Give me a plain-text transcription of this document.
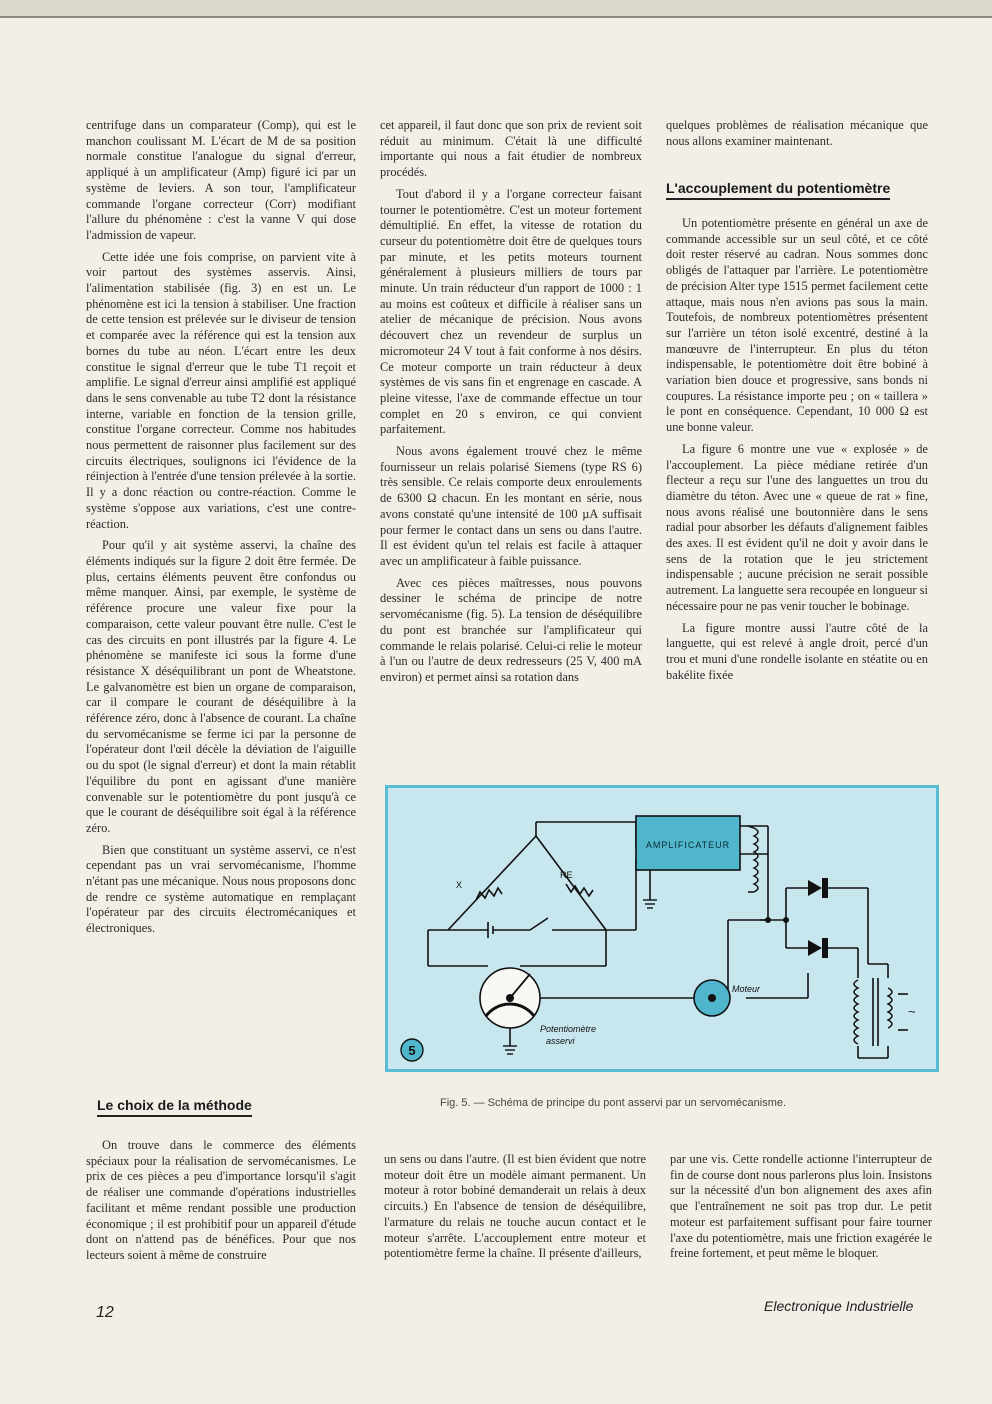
centrifuge dans un comparateur (Comp), qui est le manchon coulissant M. L'écart de M de sa position normale constitue l'analogue du signal d'erreur, appliqué à un amplificateur (Amp) figuré ici par un système de leviers. A son tour, l'amplificateur commande l'organe correcteur (Corr) modifiant l'allure du phénomène : c'est la vanne V qui dose l'admission de vapeur.

Cette idée une fois comprise, on parvient vite à voir partout des systèmes asservis. Ainsi, l'alimentation stabilisée (fig. 3) en est un. Le phénomène est ici la tension à stabiliser. Une fraction de cette tension est prélevée sur le diviseur de tension et comparée avec la référence qui est la tension aux bornes du tube au néon. L'écart entre les deux constitue le signal d'erreur que le tube T1 reçoit et amplifie. Le signal d'erreur ainsi amplifié est appliqué dans le sens convenable au tube T2 dont la résistance interne, variable en fonction de la tension grille, constitue l'organe correcteur. Comme nos habitudes nous permettent de raisonner plus facilement sur des circuits électriques, soulignons ici l'évidence de la réinjection à l'entrée d'une tension prélevée à la sortie. Il y a donc réaction ou contre-réaction. Comme le système s'oppose aux variations, c'est une contre-réaction.

Pour qu'il y ait système asservi, la chaîne des éléments indiqués sur la figure 2 doit être fermée. De plus, certains éléments peuvent être confondus ou même manquer. Ainsi, par exemple, le système de référence procure une valeur fixe pour la comparaison, cette valeur pouvant être nulle. C'est le cas des circuits en pont illustrés par la figure 4. Le phénomène se manifeste ici sous la forme d'une résistance X déséquilibrant un pont de Wheatstone. Le galvanomètre est bien un organe de comparaison, car il compare le courant de déséquilibre à la référence zéro, donc à l'absence de courant. La chaîne du servomécanisme se ferme ici par la personne de l'opérateur dont l'œil décèle la déviation de l'aiguille ou du spot (le signal d'erreur) et dont la main rétablit l'équilibre du pont en agissant d'une manière convenable sur le potentiomètre du pont jusqu'à ce que le courant de déséquilibre soit égal à la référence zéro.

Bien que constituant un système asservi, ce n'est cependant pas un vrai servomécanisme, l'homme n'étant pas une mécanique. Nous nous proposons donc de rendre ce système automatique en remplaçant l'opérateur par des circuits électromécaniques et électroniques.

cet appareil, il faut donc que son prix de revient soit réduit au minimum. C'était là une difficulté importante qui nous a fait étudier de nombreux procédés.

Tout d'abord il y a l'organe correcteur faisant tourner le potentiomètre. C'est un moteur fortement démultiplié. En effet, la vitesse de rotation du curseur du potentiomètre doit être de quelques tours par minute, et les petits moteurs tournent généralement à plusieurs milliers de tours par minute. Un train réducteur d'un rapport de 1000 : 1 au moins est coûteux et difficile à réaliser sans un atelier de mécanique de précision. Nous avons découvert chez un revendeur de surplus un micromoteur 24 V tout à fait conforme à nos désirs. Ce moteur comporte un train réducteur à deux systèmes de vis sans fin et engrenage en cascade. A pleine vitesse, l'axe de commande effectue un tour complet en 20 s environ, ce qui convient parfaitement.

Nous avons également trouvé chez le même fournisseur un relais polarisé Siemens (type RS 6) très sensible. Ce relais comporte deux enroulements de 6300 Ω chacun. En les montant en série, nous avons constaté qu'une intensité de 100 µA suffisait pour fermer le contact dans un sens ou dans l'autre. Il est évident qu'un tel relais est facile à attaquer avec un amplificateur à faible puissance.

Avec ces pièces maîtresses, nous pouvons dessiner le schéma de principe de notre servomécanisme (fig. 5). La tension de déséquilibre du pont est branchée sur l'amplificateur qui commande le relais polarisé. Celui-ci relie le moteur à l'un ou l'autre de deux redresseurs (25 V, 400 mA environ) et permet ainsi sa rotation dans

quelques problèmes de réalisation mécanique que nous allons examiner maintenant.

L'accouplement du potentiomètre

Un potentiomètre présente en général un axe de commande accessible sur un seul côté, et ce côté doit rester réservé au cadran. Nous sommes donc obligés de l'attaquer par l'arrière. Le potentiomètre de précision Alter type 1515 permet facilement cette attaque, mais nous n'en avions pas sous la main. Toutefois, de nombreux potentiomètres présentent sur l'arrière un téton isolé excentré, destiné à la manœuvre de l'interrupteur. En plus du téton indispensable, le potentiomètre doit être bobiné à variation bien douce et progressive, sans bonds ni coupures. La résistance importe peu ; on « taillera » le pont en conséquence. Cependant, 10 000 Ω est une bonne valeur.

La figure 6 montre une vue « explosée » de l'accouplement. La pièce médiane retirée d'un flecteur a reçu sur l'une des languettes un trou du diamètre du téton. Avec une « queue de rat » fine, nous avons réalisé une boutonnière dans le sens radial pour absorber les défauts d'alignement faibles des axes. Il est évident qu'il ne doit y avoir dans le sens de la rotation que le jeu strictement indispensable ; aucune précision ne serait possible autrement. La languette sera recoupée en longueur si nécessaire pour ne pas venir toucher le bobinage.

La figure montre aussi l'autre côté de la languette, qui est relevé à angle droit, percé d'un trou et muni d'une rondelle isolante en stéatite ou en bakélite fixée

AMPLIFICATEUR
Moteur
~
X
RE
Potentiomètre
asservi
5
Fig. 5. — Schéma de principe du pont asservi par un servomécanisme.
Le choix de la méthode

On trouve dans le commerce des éléments spéciaux pour la réalisation de servomécanismes. Le prix de ces pièces a peu d'importance lorsqu'il s'agit de réaliser une commande d'opérations industrielles facilitant et même rendant possible une production économique ; il est prohibitif pour un appareil d'étude dont on n'attend pas de bénéfices. Pour que nos lecteurs soient à même de construire

un sens ou dans l'autre. (Il est bien évident que notre moteur doit être un modèle aimant permanent. Un moteur à rotor bobiné demanderait un relais à deux circuits.) En l'absence de tension de déséquilibre, l'armature du relais ne touche aucun contact et le moteur s'arrête. L'accouplement entre moteur et potentiomètre ferme la chaîne. Il présente d'ailleurs,

par une vis. Cette rondelle actionne l'interrupteur de fin de course dont nous parlerons plus loin. Insistons sur la nécessité d'un bon alignement des axes afin que l'entraînement ne soit pas trop dur. Le petit moteur est parfaitement suffisant pour faire tourner l'axe du potentiomètre, mais une friction exagérée le freine fortement, et peut même le bloquer.

12	Electronique Industrielle
